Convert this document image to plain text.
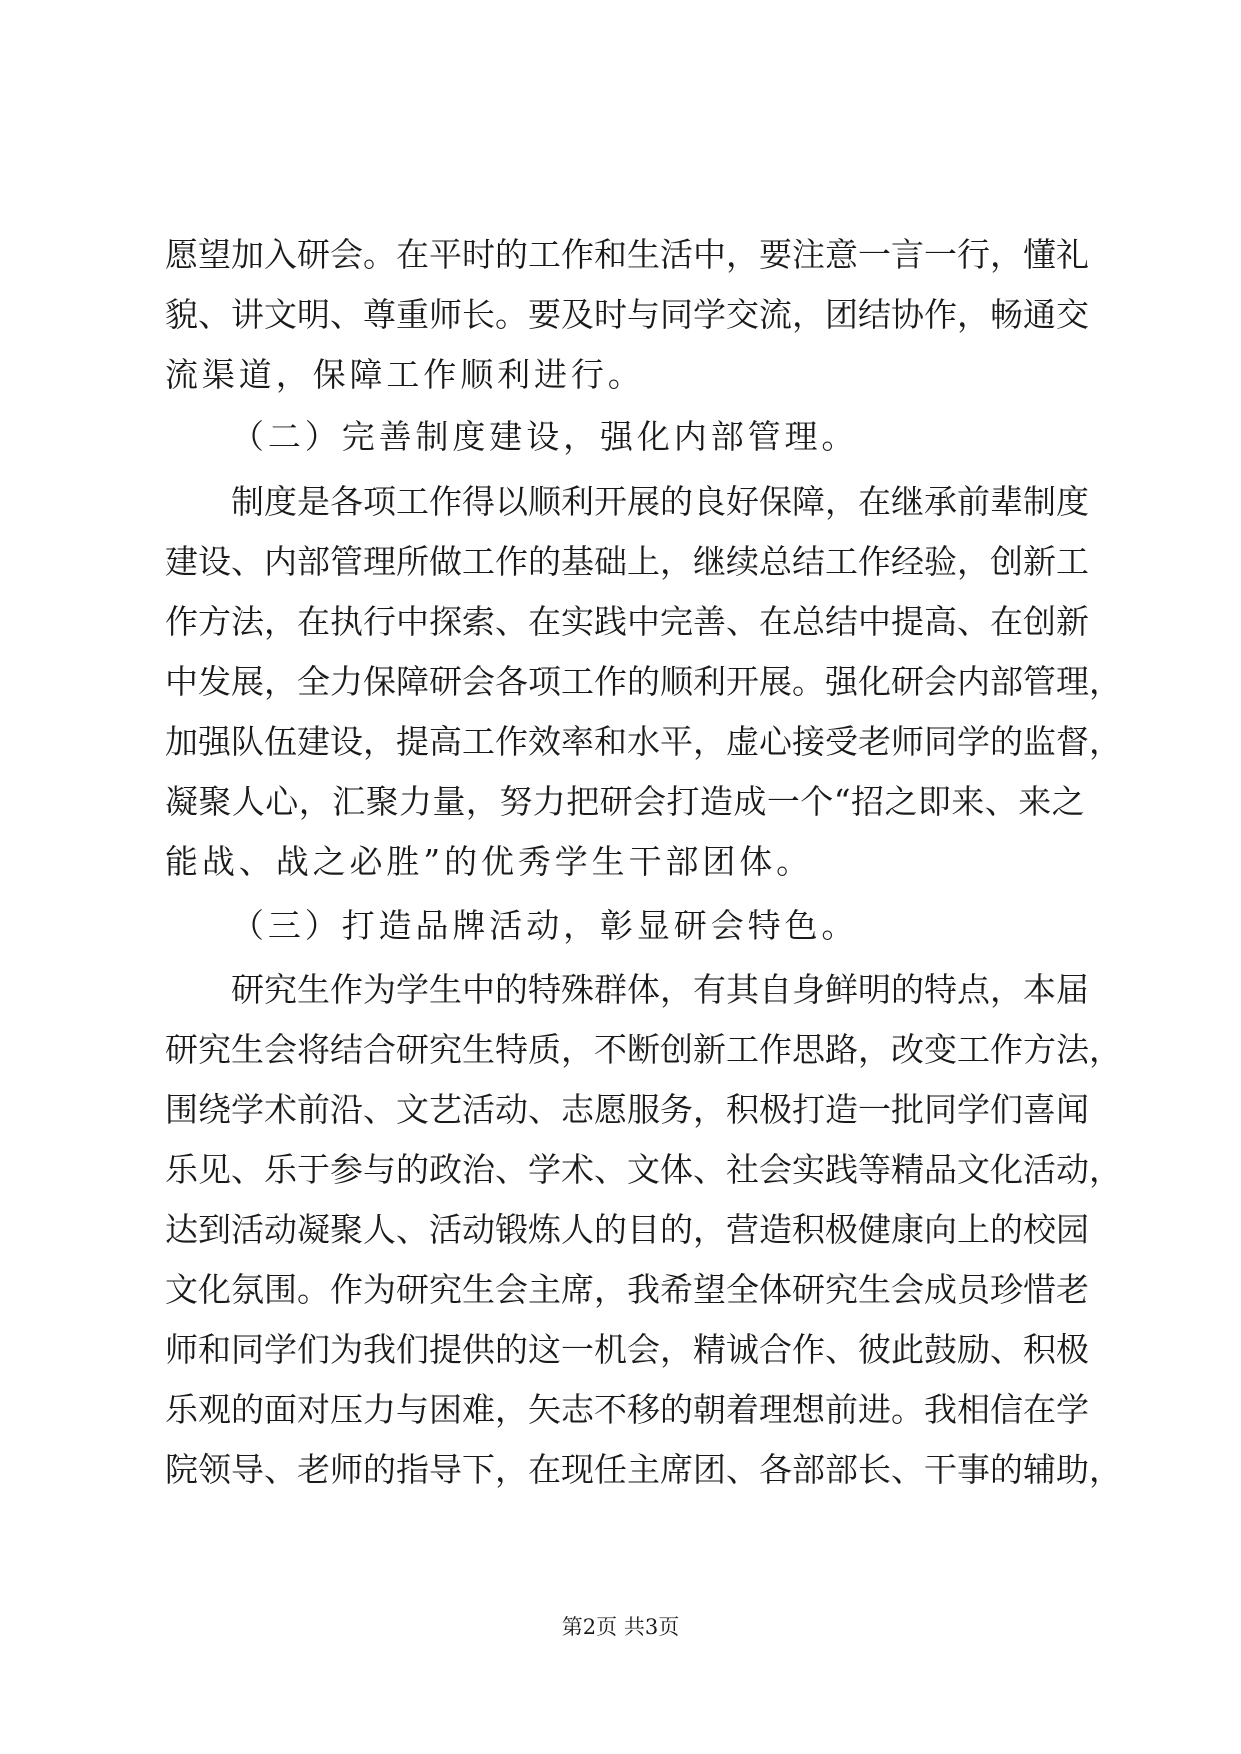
愿望加入研会。在平时的工作和生活中，要注意一言一行，懂礼
貌、讲文明、尊重师长。要及时与同学交流，团结协作，畅通交
流渠道，保障工作顺利进行。
（二）完善制度建设，强化内部管理。
制度是各项工作得以顺利开展的良好保障，在继承前辈制度
建设、内部管理所做工作的基础上，继续总结工作经验，创新工
作方法，在执行中探索、在实践中完善、在总结中提高、在创新
中发展，全力保障研会各项工作的顺利开展。强化研会内部管理，
加强队伍建设，提高工作效率和水平，虚心接受老师同学的监督，
凝聚人心，汇聚力量，努力把研会打造成一个“招之即来、来之
能战、战之必胜”的优秀学生干部团体。
（三）打造品牌活动，彰显研会特色。
研究生作为学生中的特殊群体，有其自身鲜明的特点，本届
研究生会将结合研究生特质，不断创新工作思路，改变工作方法，
围绕学术前沿、文艺活动、志愿服务，积极打造一批同学们喜闻
乐见、乐于参与的政治、学术、文体、社会实践等精品文化活动，
达到活动凝聚人、活动锻炼人的目的，营造积极健康向上的校园
文化氛围。作为研究生会主席，我希望全体研究生会成员珍惜老
师和同学们为我们提供的这一机会，精诚合作、彼此鼓励、积极
乐观的面对压力与困难，矢志不移的朝着理想前进。我相信在学
院领导、老师的指导下，在现任主席团、各部部长、干事的辅助，
第2页 共3页
